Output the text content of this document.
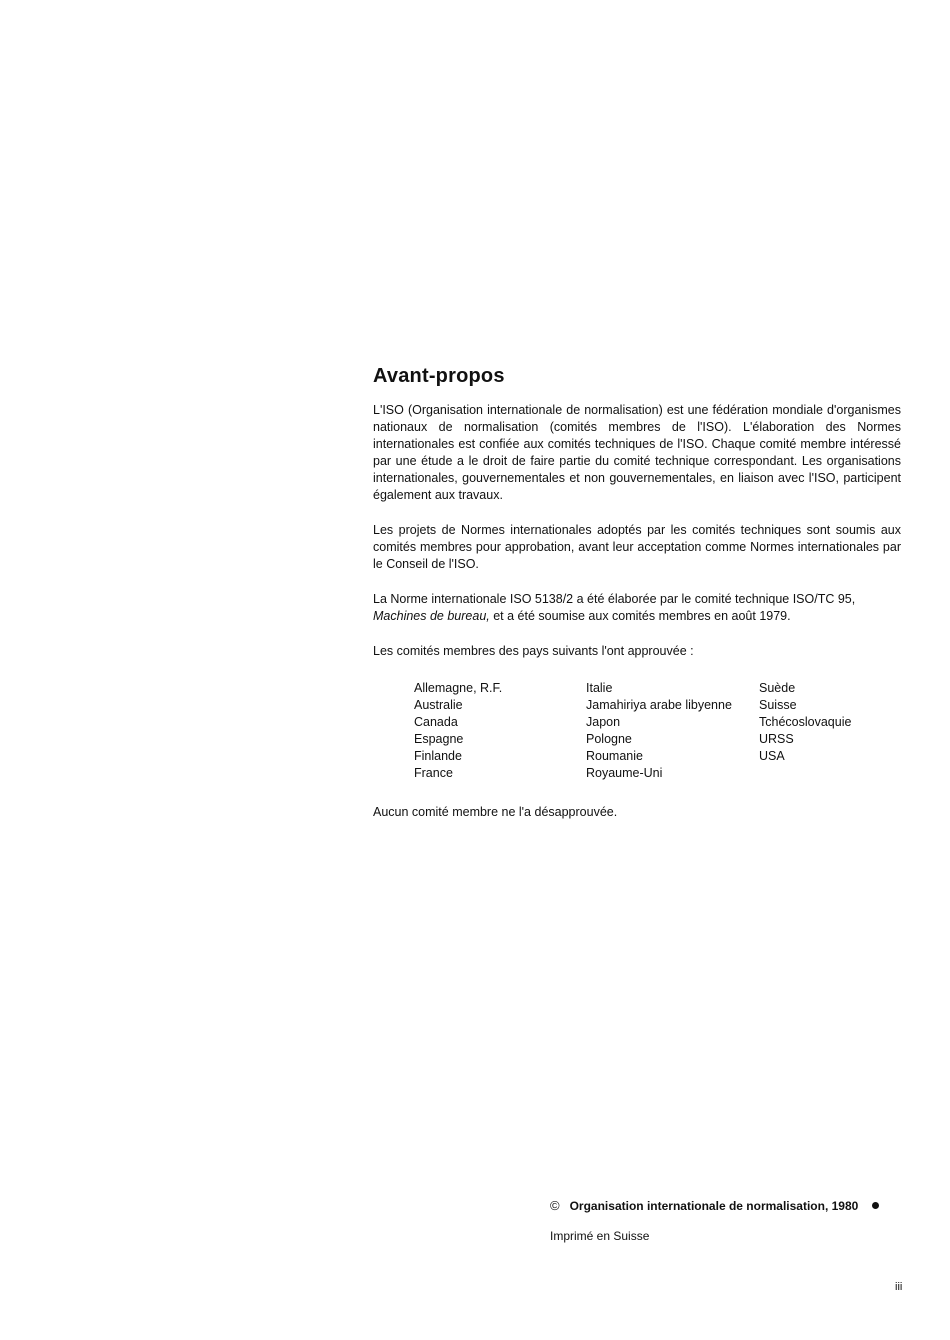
Avant-propos

L'ISO (Organisation internationale de normalisation) est une fédération mondiale d'organismes nationaux de normalisation (comités membres de l'ISO). L'élaboration des Normes internationales est confiée aux comités techniques de l'ISO. Chaque comité membre intéressé par une étude a le droit de faire partie du comité technique correspondant. Les organisations internationales, gouvernementales et non gouvernementales, en liaison avec l'ISO, participent également aux travaux.

Les projets de Normes internationales adoptés par les comités techniques sont soumis aux comités membres pour approbation, avant leur acceptation comme Normes internationales par le Conseil de l'ISO.

La Norme internationale ISO 5138/2 a été élaborée par le comité technique ISO/TC 95, Machines de bureau, et a été soumise aux comités membres en août 1979.

Les comités membres des pays suivants l'ont approuvée :

Allemagne, R.F.
Australie
Canada
Espagne
Finlande
France
Italie
Jamahiriya arabe libyenne
Japon
Pologne
Roumanie
Royaume-Uni
Suède
Suisse
Tchécoslovaquie
URSS
USA

Aucun comité membre ne l'a désapprouvée.

© Organisation internationale de normalisation, 1980
Imprimé en Suisse
iii
